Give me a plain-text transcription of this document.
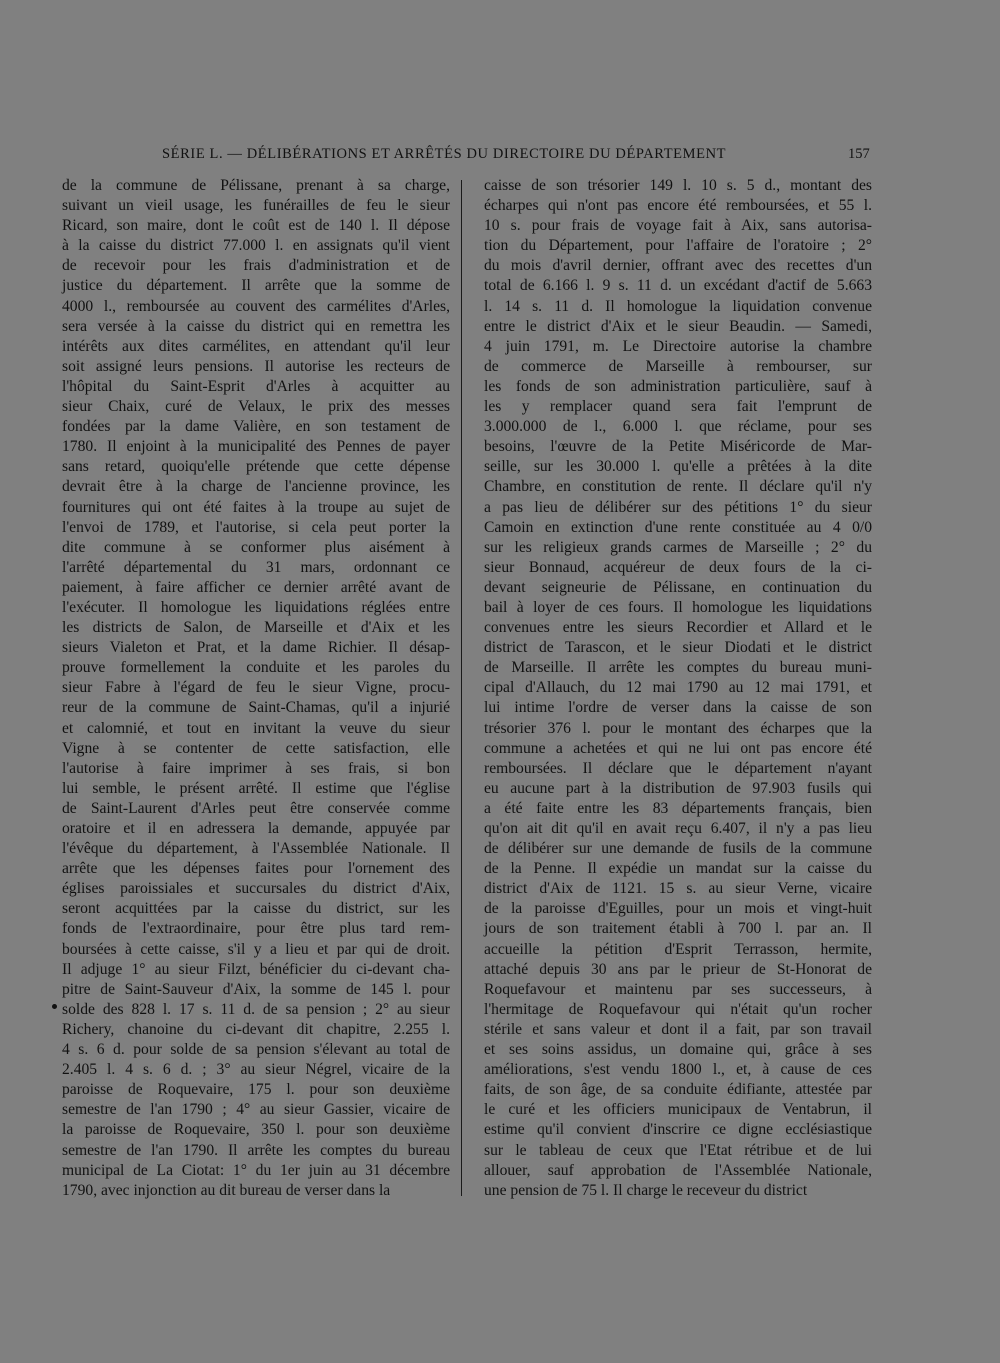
SÉRIE L. — DÉLIBÉRATIONS ET ARRÊTÉS DU DIRECTOIRE DU DÉPARTEMENT	157
de la commune de Pélissane, prenant à sa charge,
suivant un vieil usage, les funérailles de feu le sieur
Ricard, son maire, dont le coût est de 140 l. Il dépose
à la caisse du district 77.000 l. en assignats qu'il vient
de recevoir pour les frais d'administration et de
justice du département. Il arrête que la somme de
4000 l., remboursée au couvent des carmélites d'Arles,
sera versée à la caisse du district qui en remettra les
intérêts aux dites carmélites, en attendant qu'il leur
soit assigné leurs pensions. Il autorise les recteurs de
l'hôpital du Saint-Esprit d'Arles à acquitter au
sieur Chaix, curé de Velaux, le prix des messes
fondées par la dame Valière, en son testament de
1780. Il enjoint à la municipalité des Pennes de payer
sans retard, quoiqu'elle prétende que cette dépense
devrait être à la charge de l'ancienne province, les
fournitures qui ont été faites à la troupe au sujet de
l'envoi de 1789, et l'autorise, si cela peut porter la
dite commune à se conformer plus aisément à
l'arrêté départemental du 31 mars, ordonnant ce
paiement, à faire afficher ce dernier arrêté avant de
l'exécuter. Il homologue les liquidations réglées entre
les districts de Salon, de Marseille et d'Aix et les
sieurs Vialeton et Prat, et la dame Richier. Il désap-
prouve formellement la conduite et les paroles du
sieur Fabre à l'égard de feu le sieur Vigne, procu-
reur de la commune de Saint-Chamas, qu'il a injurié
et calomnié, et tout en invitant la veuve du sieur
Vigne à se contenter de cette satisfaction, elle
l'autorise à faire imprimer à ses frais, si bon
lui semble, le présent arrêté. Il estime que l'église
de Saint-Laurent d'Arles peut être conservée comme
oratoire et il en adressera la demande, appuyée par
l'évêque du département, à l'Assemblée Nationale. Il
arrête que les dépenses faites pour l'ornement des
églises paroissiales et succursales du district d'Aix,
seront acquittées par la caisse du district, sur les
fonds de l'extraordinaire, pour être plus tard rem-
boursées à cette caisse, s'il y a lieu et par qui de droit.
Il adjuge 1° au sieur Filzt, bénéficier du ci-devant cha-
pitre de Saint-Sauveur d'Aix, la somme de 145 l. pour
solde des 828 l. 17 s. 11 d. de sa pension ; 2° au sieur
Richery, chanoine du ci-devant dit chapitre, 2.255 l.
4 s. 6 d. pour solde de sa pension s'élevant au total de
2.405 l. 4 s. 6 d. ; 3° au sieur Négrel, vicaire de la
paroisse de Roquevaire, 175 l. pour son deuxième
semestre de l'an 1790 ; 4° au sieur Gassier, vicaire de
la paroisse de Roquevaire, 350 l. pour son deuxième
semestre de l'an 1790. Il arrête les comptes du bureau
municipal de La Ciotat: 1° du 1er juin au 31 décembre
1790, avec injonction au dit bureau de verser dans la
caisse de son trésorier 149 l. 10 s. 5 d., montant des
écharpes qui n'ont pas encore été remboursées, et 55 l.
10 s. pour frais de voyage fait à Aix, sans autorisa-
tion du Département, pour l'affaire de l'oratoire ; 2°
du mois d'avril dernier, offrant avec des recettes d'un
total de 6.166 l. 9 s. 11 d. un excédant d'actif de 5.663
l. 14 s. 11 d. Il homologue la liquidation convenue
entre le district d'Aix et le sieur Beaudin. — Samedi,
4 juin 1791, m. Le Directoire autorise la chambre
de commerce de Marseille à rembourser, sur
les fonds de son administration particulière, sauf à
les y remplacer quand sera fait l'emprunt de
3.000.000 de l., 6.000 l. que réclame, pour ses
besoins, l'œuvre de la Petite Miséricorde de Mar-
seille, sur les 30.000 l. qu'elle a prêtées à la dite
Chambre, en constitution de rente. Il déclare qu'il n'y
a pas lieu de délibérer sur des pétitions 1° du sieur
Camoin en extinction d'une rente constituée au 4 0/0
sur les religieux grands carmes de Marseille ; 2° du
sieur Bonnaud, acquéreur de deux fours de la ci-
devant seigneurie de Pélissane, en continuation du
bail à loyer de ces fours. Il homologue les liquidations
convenues entre les sieurs Recordier et Allard et le
district de Tarascon, et le sieur Diodati et le district
de Marseille. Il arrête les comptes du bureau muni-
cipal d'Allauch, du 12 mai 1790 au 12 mai 1791, et
lui intime l'ordre de verser dans la caisse de son
trésorier 376 l. pour le montant des écharpes que la
commune a achetées et qui ne lui ont pas encore été
remboursées. Il déclare que le département n'ayant
eu aucune part à la distribution de 97.903 fusils qui
a été faite entre les 83 départements français, bien
qu'on ait dit qu'il en avait reçu 6.407, il n'y a pas lieu
de délibérer sur une demande de fusils de la commune
de la Penne. Il expédie un mandat sur la caisse du
district d'Aix de 1121. 15 s. au sieur Verne, vicaire
de la paroisse d'Eguilles, pour un mois et vingt-huit
jours de son traitement établi à 700 l. par an. Il
accueille la pétition d'Esprit Terrasson, hermite,
attaché depuis 30 ans par le prieur de St-Honorat de
Roquefavour et maintenu par ses successeurs, à
l'hermitage de Roquefavour qui n'était qu'un rocher
stérile et sans valeur et dont il a fait, par son travail
et ses soins assidus, un domaine qui, grâce à ses
améliorations, s'est vendu 1800 l., et, à cause de ces
faits, de son âge, de sa conduite édifiante, attestée par
le curé et les officiers municipaux de Ventabrun, il
estime qu'il convient d'inscrire ce digne ecclésiastique
sur le tableau de ceux que l'Etat rétribue et de lui
allouer, sauf approbation de l'Assemblée Nationale,
une pension de 75 l. Il charge le receveur du district
